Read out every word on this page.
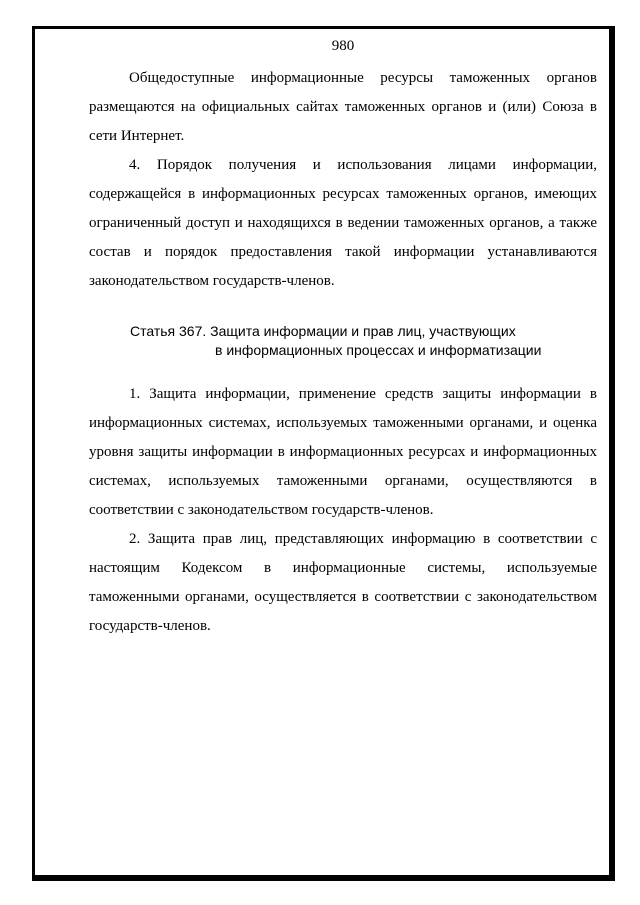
980

Общедоступные информационные ресурсы таможенных органов размещаются на официальных сайтах таможенных органов и (или) Союза в сети Интернет.

4. Порядок получения и использования лицами информации, содержащейся в информационных ресурсах таможенных органов, имеющих ограниченный доступ и находящихся в ведении таможенных органов, а также состав и порядок предоставления такой информации устанавливаются законодательством государств-членов.

Статья 367. Защита информации и прав лиц, участвующих
в информационных процессах и информатизации

1. Защита информации, применение средств защиты информации в информационных системах, используемых таможенными органами, и оценка уровня защиты информации в информационных ресурсах и информационных системах, используемых таможенными органами, осуществляются в соответствии с законодательством государств-членов.

2. Защита прав лиц, представляющих информацию в соответствии с настоящим Кодексом в информационные системы, используемые таможенными органами, осуществляется в соответствии с законодательством государств-членов.
